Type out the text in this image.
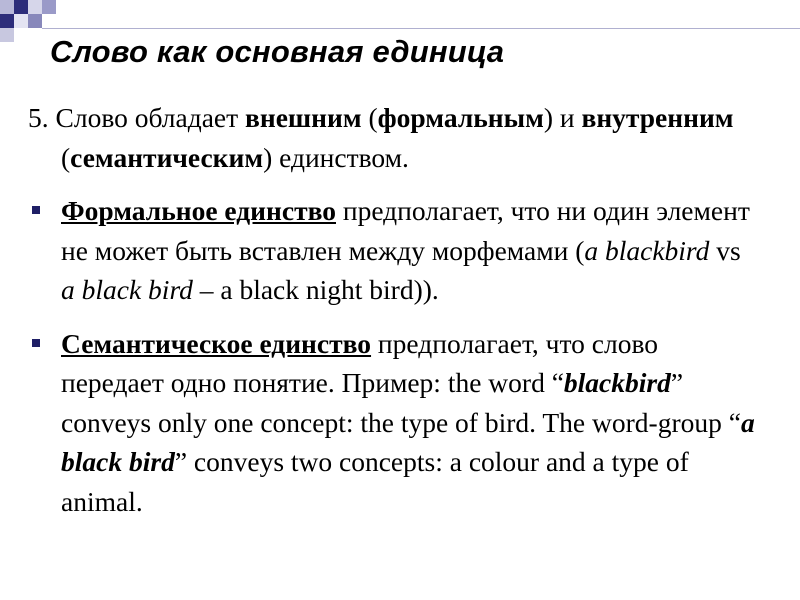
Слово как основная единица

5. Слово обладает внешним (формальным) и внутренним (семантическим) единством.

Формальное единство предполагает, что ни один элемент не может быть вставлен между морфемами (a blackbird vs a black bird – a black night bird)).
Семантическое единство предполагает, что слово передает одно понятие. Пример: the word “blackbird” conveys only one concept: the type of bird. The word-group “a black bird” conveys two concepts: a colour and a type of animal.
